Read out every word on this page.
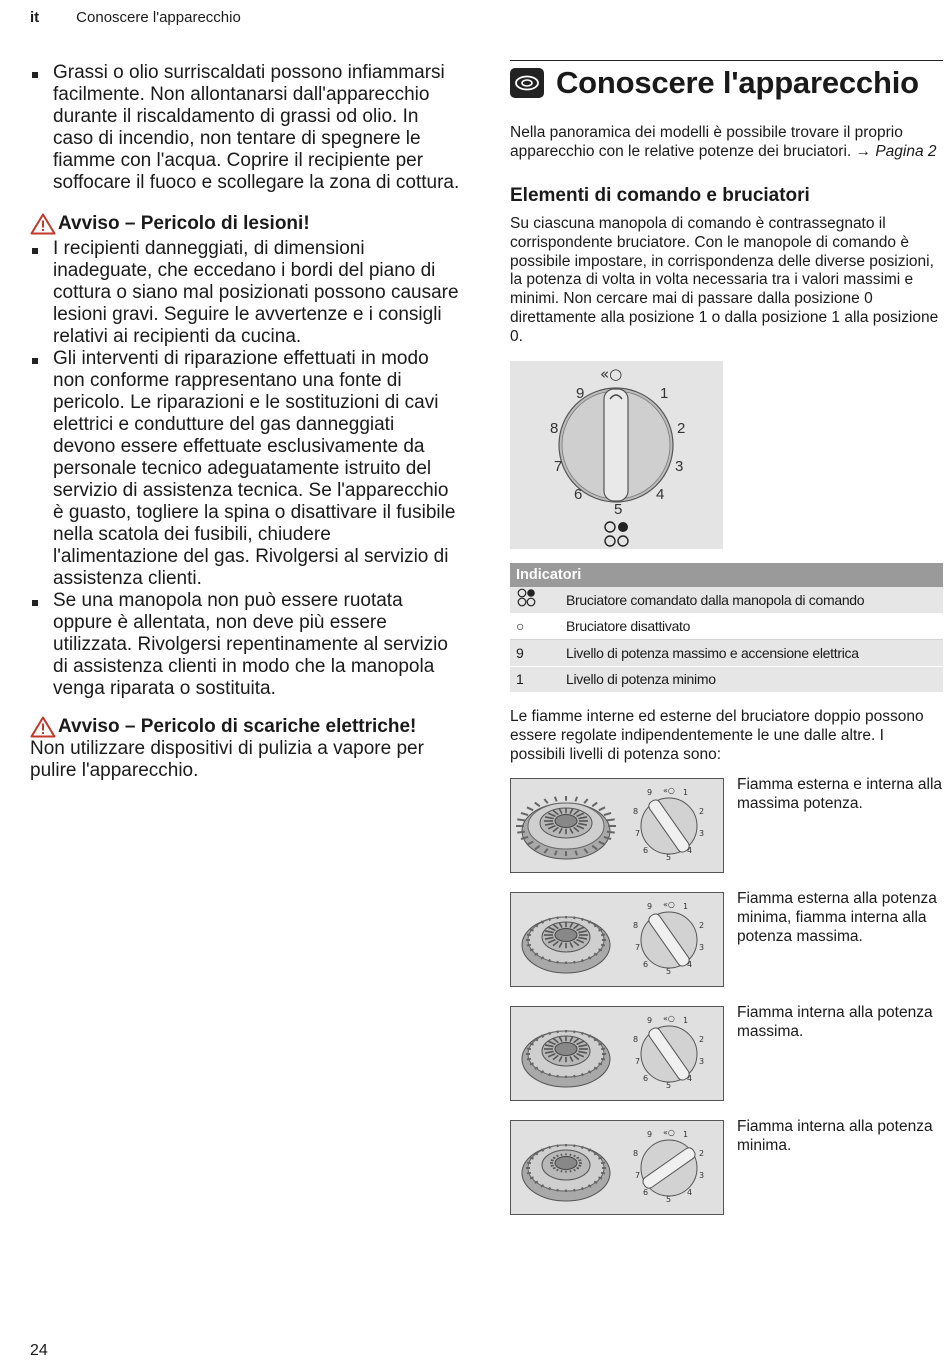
it Conoscere l'apparecchio
Grassi o olio surriscaldati possono infiammarsi facilmente. Non allontanarsi dall'apparecchio durante il riscaldamento di grassi od olio. In caso di incendio, non tentare di spegnere le fiamme con l'acqua. Coprire il recipiente per soffocare il fuoco e scollegare la zona di cottura.
Avviso – Pericolo di lesioni!
I recipienti danneggiati, di dimensioni inadeguate, che eccedano i bordi del piano di cottura o siano mal posizionati possono causare lesioni gravi. Seguire le avvertenze e i consigli relativi ai recipienti da cucina.
Gli interventi di riparazione effettuati in modo non conforme rappresentano una fonte di pericolo. Le riparazioni e le sostituzioni di cavi elettrici e condutture del gas danneggiati devono essere effettuate esclusivamente da personale tecnico adeguatamente istruito del servizio di assistenza tecnica. Se l'apparecchio è guasto, togliere la spina o disattivare il fusibile nella scatola dei fusibili, chiudere l'alimentazione del gas. Rivolgersi al servizio di assistenza clienti.
Se una manopola non può essere ruotata oppure è allentata, non deve più essere utilizzata. Rivolgersi repentinamente al servizio di assistenza clienti in modo che la manopola venga riparata o sostituita.
Avviso – Pericolo di scariche elettriche!

Non utilizzare dispositivi di pulizia a vapore per pulire l'apparecchio.

Conoscere l'apparecchio

Nella panoramica dei modelli è possibile trovare il proprio apparecchio con le relative potenze dei bruciatori. → Pagina 2

Elementi di comando e bruciatori

Su ciascuna manopola di comando è contrassegnato il corrispondente bruciatore. Con le manopole di comando è possibile impostare, in corrispondenza delle diverse posizioni, la potenza di volta in volta necessaria tra i valori massimi e minimi. Non cercare mai di passare dalla posizione 0 direttamente alla posizione 1 o dalla posizione 1 alla posizione 0.

9	1
8	2
7	3
6	4
5
«○
Indicatori	
	Bruciatore comandato dalla manopola di comando
○	Bruciatore disattivato
9	Livello di potenza massimo e accensione elettrica
1	Livello di potenza minimo

Le fiamme interne ed esterne del bruciatore doppio possono essere regolate indipendentemente le une dalle altre. I possibili livelli di potenza sono:

9	1
8	2
7	3
6	4
5
«○	Fiamma esterna e interna alla massima potenza.

9	1
8	2
7	3
6	4
5
«○	Fiamma esterna alla potenza minima, fiamma interna alla potenza massima.

9	1
8	2
7	3
6	4
5
«○	Fiamma interna alla potenza massima.

9	1
8	2
7	3
6	4
5
«○	Fiamma interna alla potenza minima.

24
